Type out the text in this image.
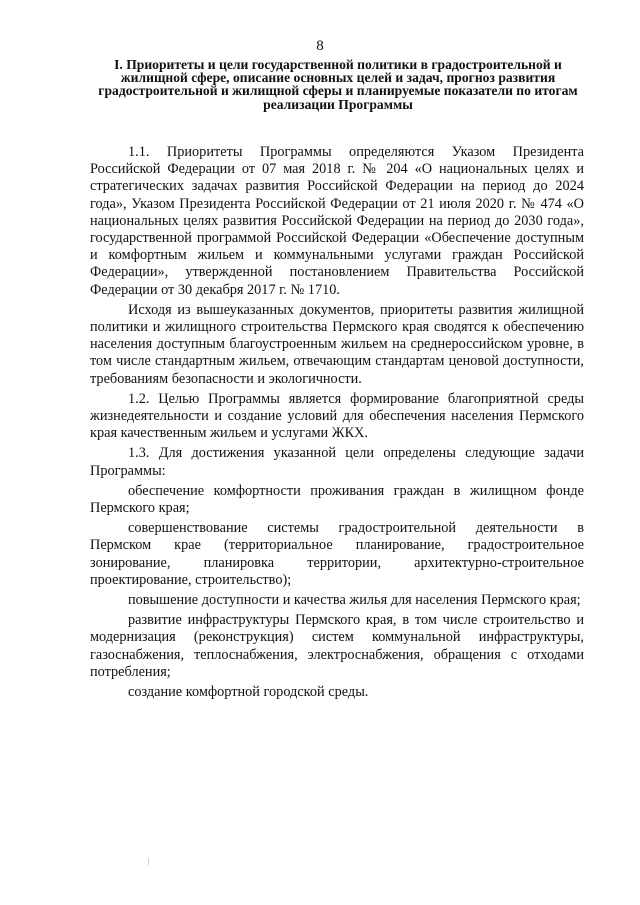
8
I. Приоритеты и цели государственной политики в градостроительной и жилищной сфере, описание основных целей и задач, прогноз развития градостроительной и жилищной сферы и планируемые показатели по итогам реализации Программы

1.1. Приоритеты Программы определяются Указом Президента Российской Федерации от 07 мая 2018 г. № 204 «О национальных целях и стратегических задачах развития Российской Федерации на период до 2024 года», Указом Президента Российской Федерации от 21 июля 2020 г. № 474 «О национальных целях развития Российской Федерации на период до 2030 года», государственной программой Российской Федерации «Обеспечение доступным и комфортным жильем и коммунальными услугами граждан Российской Федерации», утвержденной постановлением Правительства Российской Федерации от 30 декабря 2017 г. № 1710.

Исходя из вышеуказанных документов, приоритеты развития жилищной политики и жилищного строительства Пермского края сводятся к обеспечению населения доступным благоустроенным жильем на среднероссийском уровне, в том числе стандартным жильем, отвечающим стандартам ценовой доступности, требованиям безопасности и экологичности.

1.2. Целью Программы является формирование благоприятной среды жизнедеятельности и создание условий для обеспечения населения Пермского края качественным жильем и услугами ЖКХ.

1.3. Для достижения указанной цели определены следующие задачи Программы:

обеспечение комфортности проживания граждан в жилищном фонде Пермского края;

совершенствование системы градостроительной деятельности в Пермском крае (территориальное планирование, градостроительное зонирование, планировка территории, архитектурно-строительное проектирование, строительство);

повышение доступности и качества жилья для населения Пермского края;

развитие инфраструктуры Пермского края, в том числе строительство и модернизация (реконструкция) систем коммунальной инфраструктуры, газоснабжения, теплоснабжения, электроснабжения, обращения с отходами потребления;

создание комфортной городской среды.
